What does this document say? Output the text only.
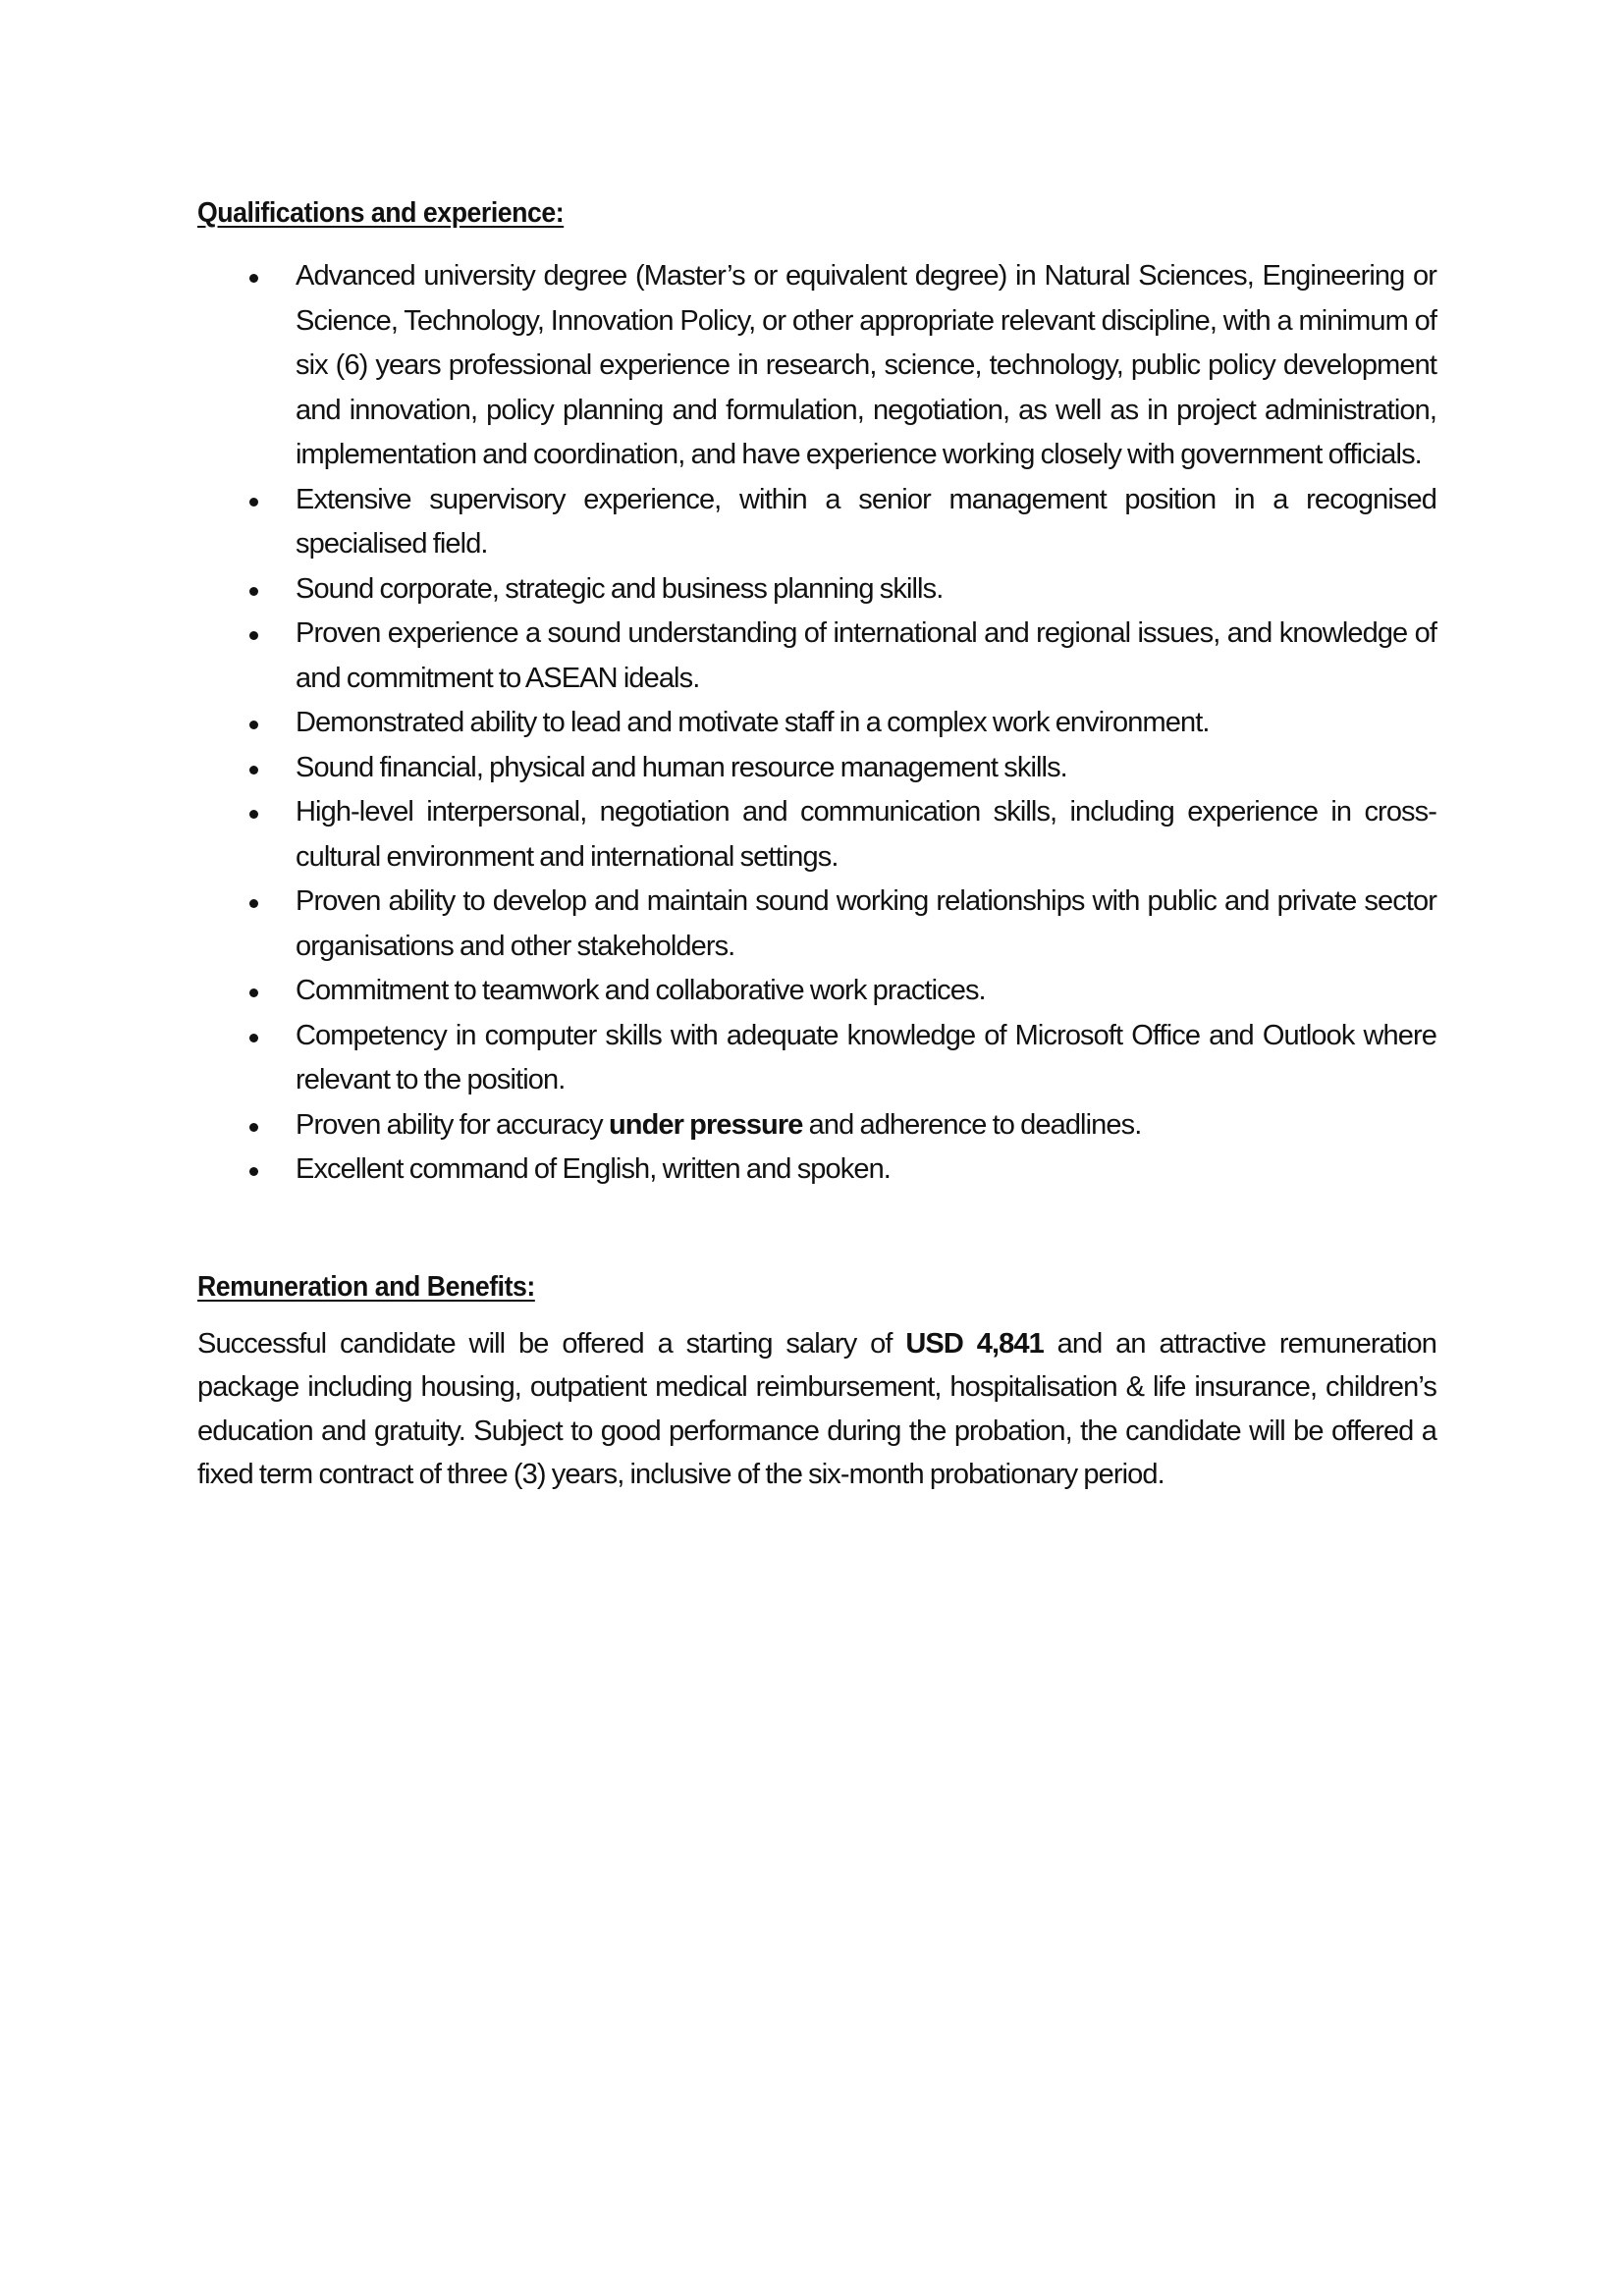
Qualifications and experience:
Advanced university degree (Master’s or equivalent degree) in Natural Sciences, Engineering or Science, Technology, Innovation Policy, or other appropriate relevant discipline, with a minimum of six (6) years professional experience in research, science, technology, public policy development and innovation, policy planning and formulation, negotiation, as well as in project administration, implementation and coordination, and have experience working closely with government officials.
Extensive supervisory experience, within a senior management position in a recognised specialised field.
Sound corporate, strategic and business planning skills.
Proven experience a sound understanding of international and regional issues, and knowledge of and commitment to ASEAN ideals.
Demonstrated ability to lead and motivate staff in a complex work environment.
Sound financial, physical and human resource management skills.
High-level interpersonal, negotiation and communication skills, including experience in cross-cultural environment and international settings.
Proven ability to develop and maintain sound working relationships with public and private sector organisations and other stakeholders.
Commitment to teamwork and collaborative work practices.
Competency in computer skills with adequate knowledge of Microsoft Office and Outlook where relevant to the position.
Proven ability for accuracy under pressure and adherence to deadlines.
Excellent command of English, written and spoken.
Remuneration and Benefits:

Successful candidate will be offered a starting salary of USD 4,841 and an attractive remuneration package including housing, outpatient medical reimbursement, hospitalisation & life insurance, children’s education and gratuity. Subject to good performance during the probation, the candidate will be offered a fixed term contract of three (3) years, inclusive of the six-month probationary period.
